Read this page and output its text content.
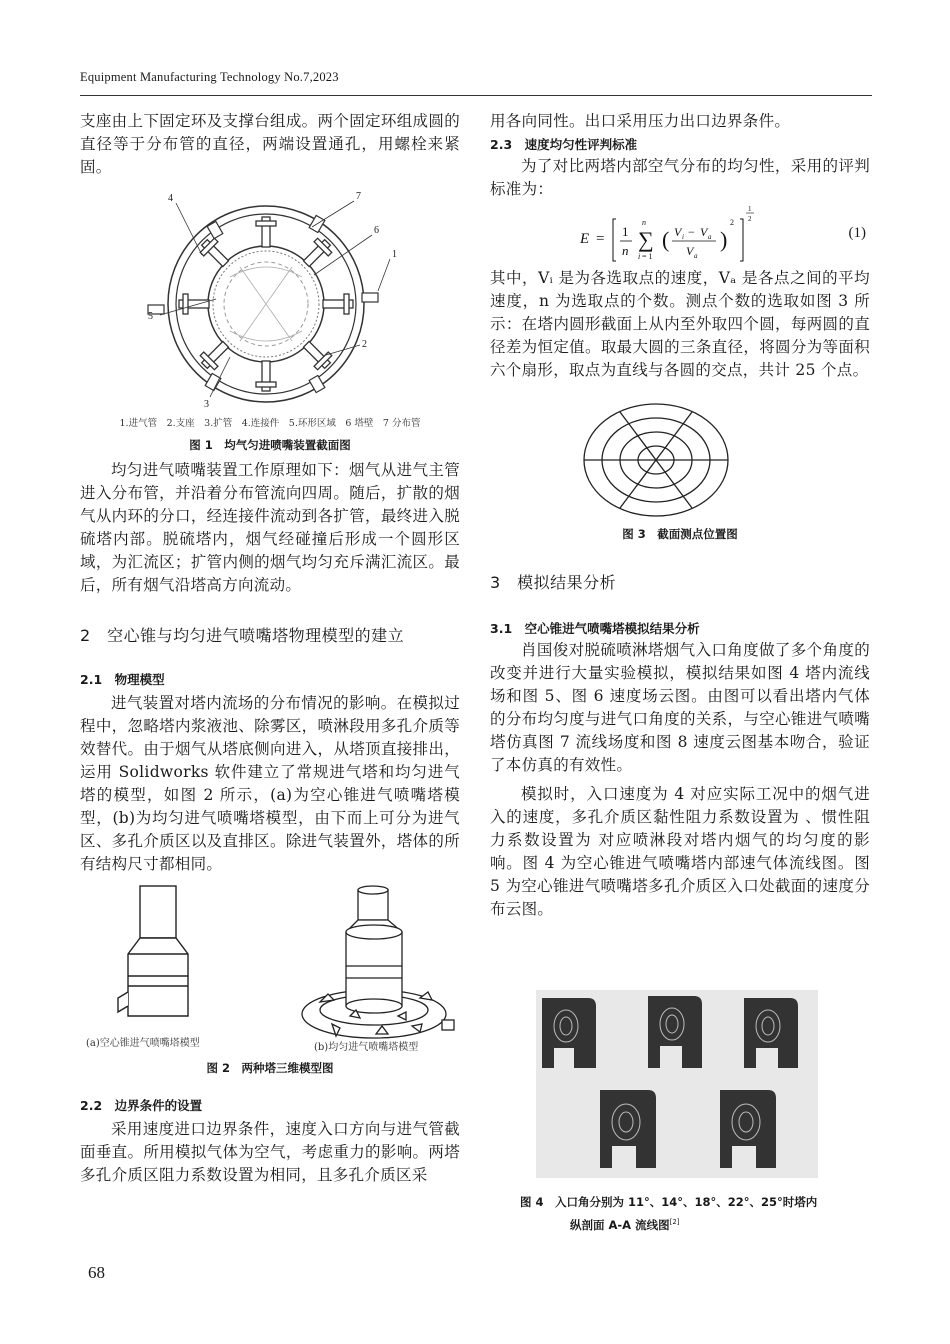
Equipment Manufacturing Technology No.7,2023

支座由上下固定环及支撑台组成。两个固定环组成圆的直径等于分布管的直径，两端设置通孔，用螺栓来紧固。

4	7
6
1
5
2
3
1.进气管　2.支座　3.扩管　4.连接件　5.环形区域　6 塔壁　7 分布管
图 1　均气匀进喷嘴装置截面图

均匀进气喷嘴装置工作原理如下：烟气从进气主管进入分布管，并沿着分布管流向四周。随后，扩散的烟气从内环的分口，经连接件流动到各扩管，最终进入脱硫塔内部。脱硫塔内，烟气经碰撞后形成一个圆形区域，为汇流区；扩管内侧的烟气均匀充斥满汇流区。最后，所有烟气沿塔高方向流动。

2　空心锥与均匀进气喷嘴塔物理模型的建立
2.1　物理模型

进气装置对塔内流场的分布情况的影响。在模拟过程中，忽略塔内浆液池、除雾区，喷淋段用多孔介质等效替代。由于烟气从塔底侧向进入，从塔顶直接排出，运用 Solidworks 软件建立了常规进气塔和均匀进气塔的模型，如图 2 所示，(a)为空心锥进气喷嘴塔模型，(b)为均匀进气喷嘴塔模型，由下而上可分为进气区、多孔介质区以及直排区。除进气装置外，塔体的所有结构尺寸都相同。

(a)空心锥进气喷嘴塔模型	(b)均匀进气喷嘴塔模型
图 2　两种塔三维模型图
2.2　边界条件的设置

采用速度进口边界条件，速度入口方向与进气管截面垂直。所用模拟气体为空气，考虑重力的影响。两塔多孔介质区阻力系数设置为相同，且多孔介质区采

用各向同性。出口采用压力出口边界条件。

2.3　速度均匀性评判标准

为了对比两塔内部空气分布的均匀性，采用的评判标准为：

E = 1
n ∑
n
i = 1
( V i − V a
V a
)
2
1
2
(1)

其中，Vᵢ 是为各选取点的速度，Vₐ 是各点之间的平均速度，n 为选取点的个数。测点个数的选取如图 3 所示：在塔内圆形截面上从内至外取四个圆，每两圆的直径差为恒定值。取最大圆的三条直径，将圆分为等面积六个扇形，取点为直线与各圆的交点，共计 25 个点。

图 3　截面测点位置图
3　模拟结果分析
3.1　空心锥进气喷嘴塔模拟结果分析

肖国俊对脱硫喷淋塔烟气入口角度做了多个角度的改变并进行大量实验模拟，模拟结果如图 4 塔内流线场和图 5、图 6 速度场云图。由图可以看出塔内气体的分布均匀度与进气口角度的关系，与空心锥进气喷嘴塔仿真图 7 流线场度和图 8 速度云图基本吻合，验证了本仿真的有效性。

模拟时，入口速度为 4 对应实际工况中的烟气进入的速度，多孔介质区黏性阻力系数设置为 、惯性阻力系数设置为 对应喷淋段对塔内烟气的均匀度的影响。图 4 为空心锥进气喷嘴塔内部速气体流线图。图 5 为空心锥进气喷嘴塔多孔介质区入口处截面的速度分布云图。

图 4　入口角分别为 11°、14°、18°、22°、25°时塔内
纵剖面 A-A 流线图[2]
68
